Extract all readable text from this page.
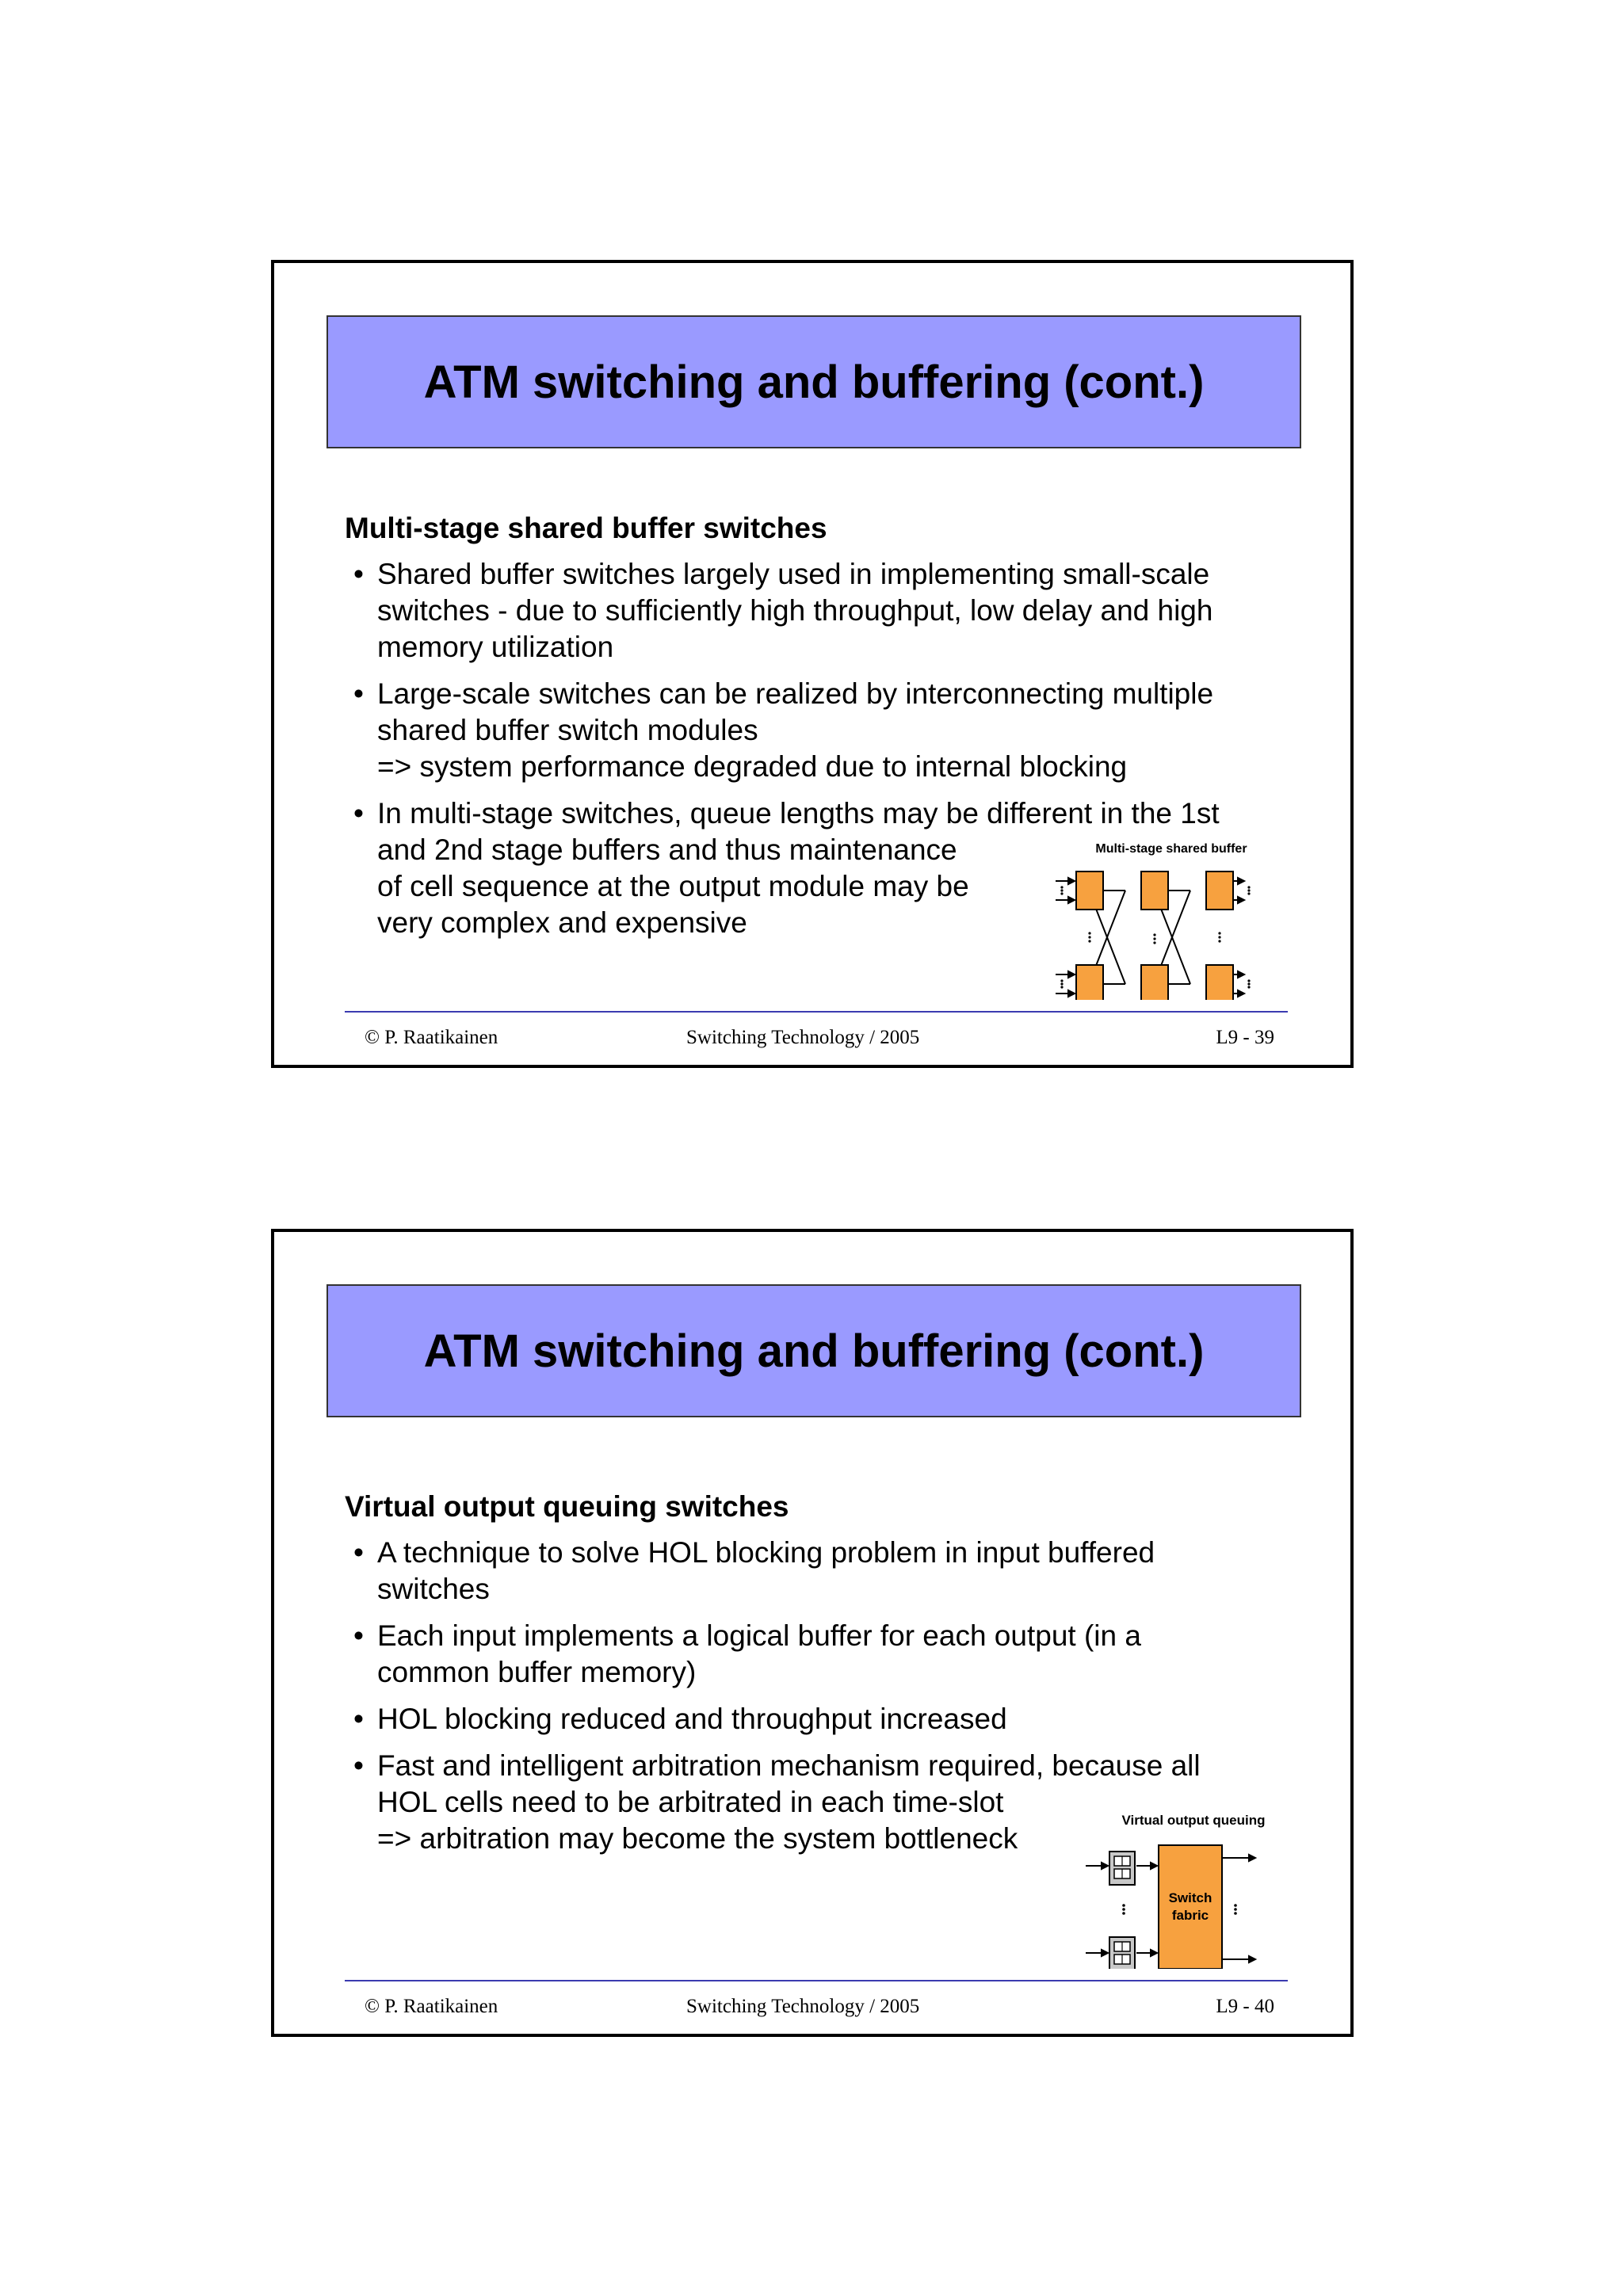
ATM switching and buffering (cont.)
Multi-stage shared buffer switches
• Shared buffer switches largely used in implementing small-scale
switches - due to sufficiently high throughput, low delay and high
memory utilization
• Large-scale switches can be realized by interconnecting multiple
shared buffer switch modules
=> system performance degraded due to internal blocking
• In multi-stage switches, queue lengths may be different in the 1st
and 2nd stage buffers and thus maintenance
of cell sequence at the output module may be
very complex and expensive
Multi-stage shared buffer
© P. Raatikainen	Switching Technology / 2005	L9 - 39
ATM switching and buffering (cont.)
Virtual output queuing switches
• A technique to solve HOL blocking problem in input buffered
switches
• Each input implements a logical buffer for each output (in a
common buffer memory)
• HOL blocking reduced and throughput increased
• Fast and intelligent arbitration mechanism required, because all
HOL cells need to be arbitrated in each time-slot
=> arbitration may become the system bottleneck
Virtual output queuing
Switch
fabric
© P. Raatikainen	Switching Technology / 2005	L9 - 40
